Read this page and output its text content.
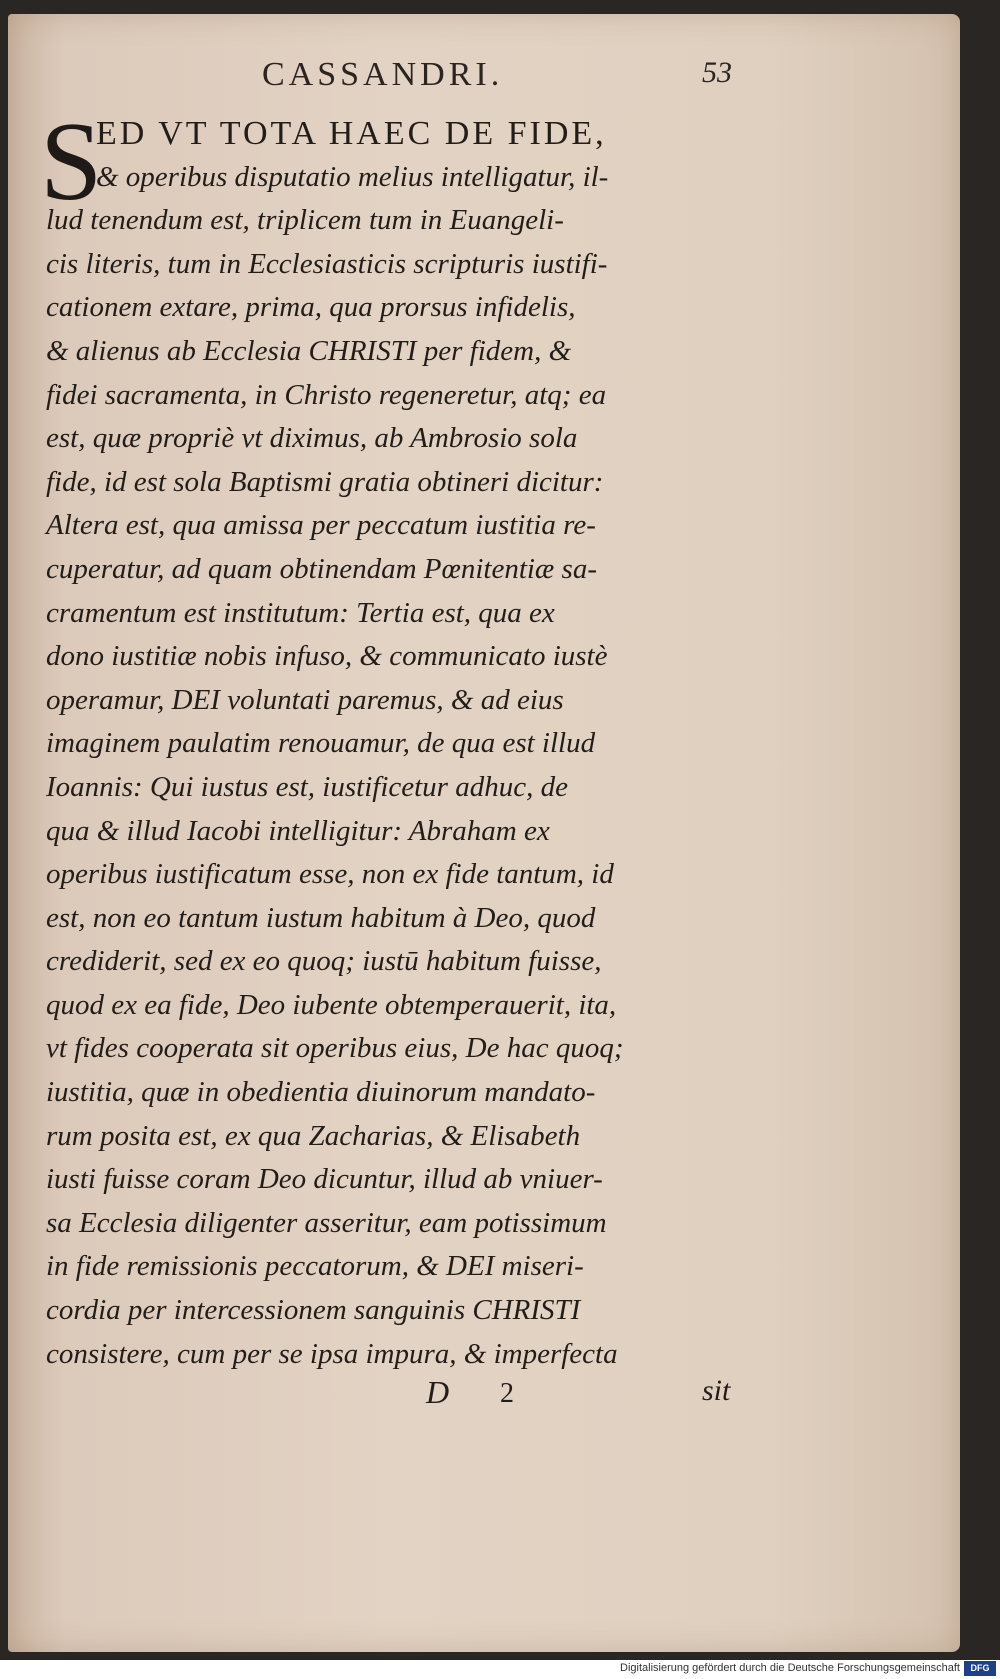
CASSANDRI.	53
S
ED VT TOTA HAEC DE FIDE,
& operibus disputatio melius intelligatur, il-
lud tenendum est, triplicem tum in Euangeli-
cis literis, tum in Ecclesiasticis scripturis iustifi-
cationem extare, prima, qua prorsus infidelis,
& alienus ab Ecclesia CHRISTI per fidem, &
fidei sacramenta, in Christo regeneretur, atq; ea
est, quæ propriè vt diximus, ab Ambrosio sola
fide, id est sola Baptismi gratia obtineri dicitur:
Altera est, qua amissa per peccatum iustitia re-
cuperatur, ad quam obtinendam Pœnitentiæ sa-
cramentum est institutum: Tertia est, qua ex
dono iustitiæ nobis infuso, & communicato iustè
operamur, DEI voluntati paremus, & ad eius
imaginem paulatim renouamur, de qua est illud
Ioannis: Qui iustus est, iustificetur adhuc, de
qua & illud Iacobi intelligitur: Abraham ex
operibus iustificatum esse, non ex fide tantum, id
est, non eo tantum iustum habitum à Deo, quod
crediderit, sed ex eo quoq; iustū habitum fuisse,
quod ex ea fide, Deo iubente obtemperauerit, ita,
vt fides cooperata sit operibus eius, De hac quoq;
iustitia, quæ in obedientia diuinorum mandato-
rum posita est, ex qua Zacharias, & Elisabeth
iusti fuisse coram Deo dicuntur, illud ab vniuer-
sa Ecclesia diligenter asseritur, eam potissimum
in fide remissionis peccatorum, & DEI miseri-
cordia per intercessionem sanguinis CHRISTI
consistere, cum per se ipsa impura, & imperfecta
D 2	sit
Digitalisierung gefördert durch die Deutsche Forschungsgemeinschaft	DFG
